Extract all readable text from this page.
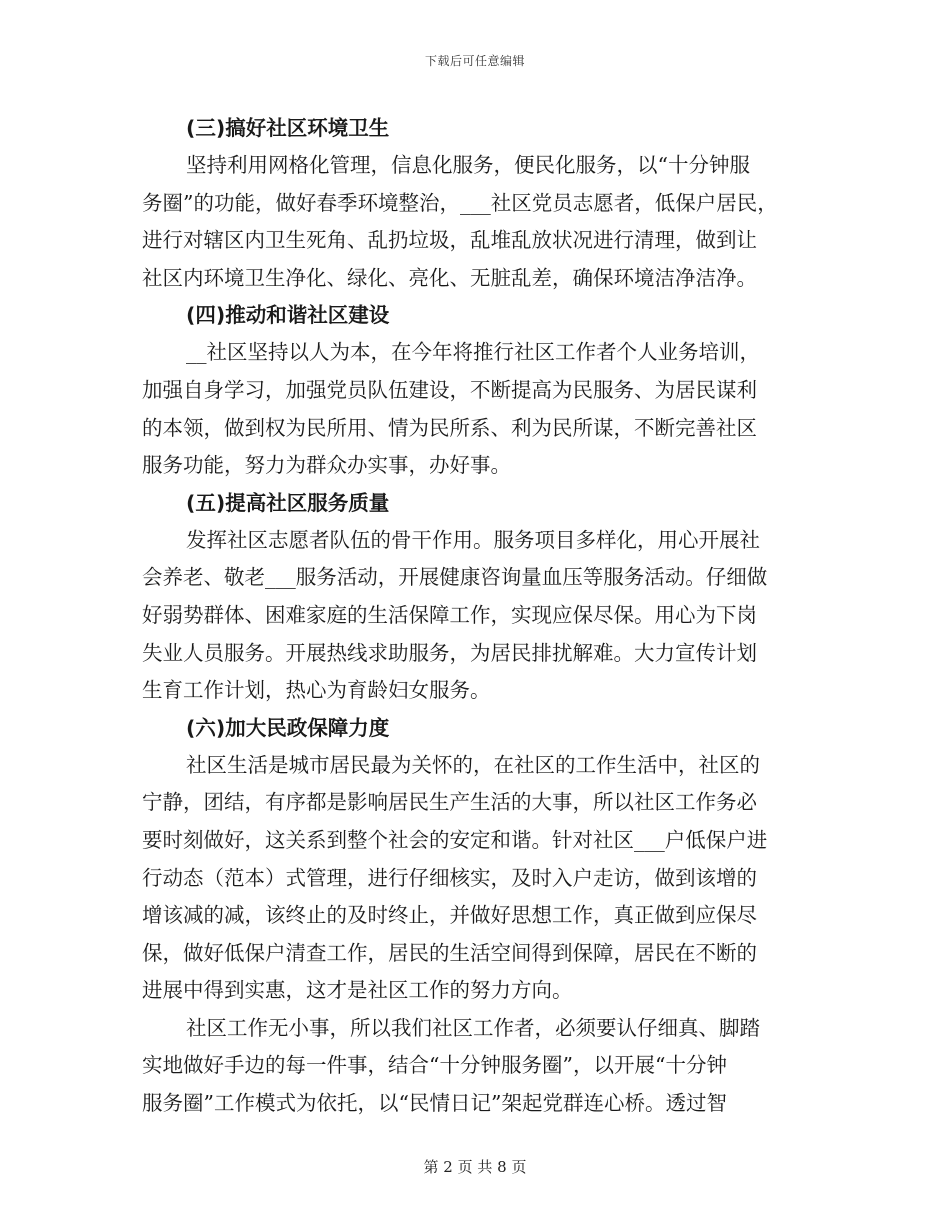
下载后可任意编辑
(三)搞好社区环境卫生
坚持利用网格化管理，信息化服务，便民化服务，以“十分钟服
务圈”的功能，做好春季环境整治，___社区党员志愿者，低保户居民，
进行对辖区内卫生死角、乱扔垃圾，乱堆乱放状况进行清理，做到让
社区内环境卫生净化、绿化、亮化、无脏乱差，确保环境洁净洁净。
(四)推动和谐社区建设
__社区坚持以人为本，在今年将推行社区工作者个人业务培训，
加强自身学习，加强党员队伍建设，不断提高为民服务、为居民谋利
的本领，做到权为民所用、情为民所系、利为民所谋，不断完善社区
服务功能，努力为群众办实事，办好事。
(五)提高社区服务质量
发挥社区志愿者队伍的骨干作用。服务项目多样化，用心开展社
会养老、敬老___服务活动，开展健康咨询量血压等服务活动。仔细做
好弱势群体、困难家庭的生活保障工作，实现应保尽保。用心为下岗
失业人员服务。开展热线求助服务，为居民排扰解难。大力宣传计划
生育工作计划，热心为育龄妇女服务。
(六)加大民政保障力度
社区生活是城市居民最为关怀的，在社区的工作生活中，社区的
宁静，团结，有序都是影响居民生产生活的大事，所以社区工作务必
要时刻做好，这关系到整个社会的安定和谐。针对社区___户低保户进
行动态（范本）式管理，进行仔细核实，及时入户走访，做到该增的
增该减的减，该终止的及时终止，并做好思想工作，真正做到应保尽
保，做好低保户清查工作，居民的生活空间得到保障，居民在不断的
进展中得到实惠，这才是社区工作的努力方向。
社区工作无小事，所以我们社区工作者，必须要认仔细真、脚踏
实地做好手边的每一件事，结合“十分钟服务圈”，以开展“十分钟
服务圈”工作模式为依托，以“民情日记”架起党群连心桥。透过智
第 2 页 共 8 页
